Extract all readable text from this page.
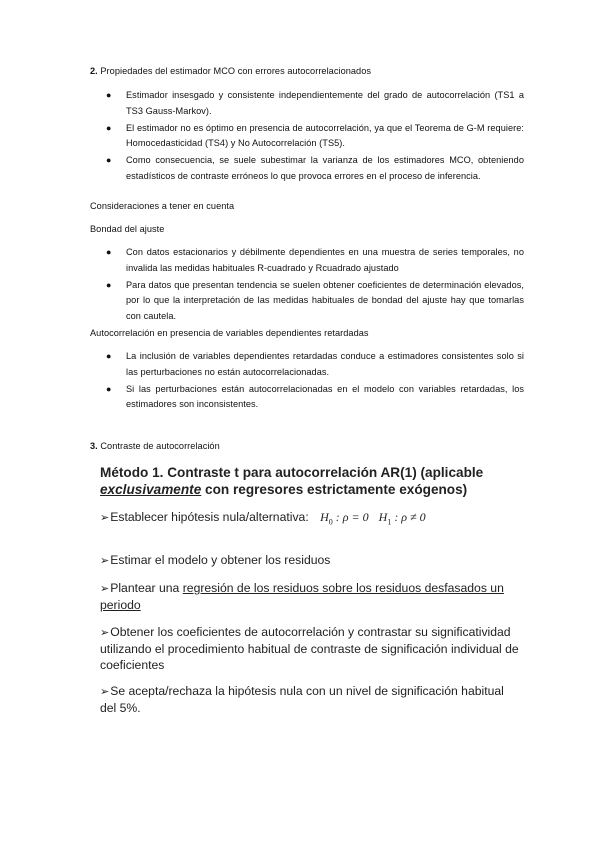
2. Propiedades del estimador MCO con errores autocorrelacionados

● Estimador insesgado y consistente independientemente del grado de autocorrelación (TS1 a TS3 Gauss-Markov).
● El estimador no es óptimo en presencia de autocorrelación, ya que el Teorema de G-M requiere: Homocedasticidad (TS4) y No Autocorrelación (TS5).
● Como consecuencia, se suele subestimar la varianza de los estimadores MCO, obteniendo estadísticos de contraste erróneos lo que provoca errores en el proceso de inferencia.

Consideraciones a tener en cuenta

Bondad del ajuste

● Con datos estacionarios y débilmente dependientes en una muestra de series temporales, no invalida las medidas habituales R-cuadrado y Rcuadrado ajustado
● Para datos que presentan tendencia se suelen obtener coeficientes de determinación elevados, por lo que la interpretación de las medidas habituales de bondad del ajuste hay que tomarlas con cautela.

Autocorrelación en presencia de variables dependientes retardadas

● La inclusión de variables dependientes retardadas conduce a estimadores consistentes solo si las perturbaciones no están autocorrelacionadas.
● Si las perturbaciones están autocorrelacionadas en el modelo con variables retardadas, los estimadores son inconsistentes.

3. Contraste de autocorrelación

Método 1. Contraste t para autocorrelación AR(1) (aplicable exclusivamente con regresores estrictamente exógenos)

➢Establecer hipótesis nula/alternativa: $H_0$ : ρ = 0 $H_1$ : ρ ≠ 0
➢Estimar el modelo y obtener los residuos
➢Plantear una regresión de los residuos sobre los residuos desfasados un periodo
➢Obtener los coeficientes de autocorrelación y contrastar su significatividad utilizando el procedimiento habitual de contraste de significación individual de coeficientes
➢Se acepta/rechaza la hipótesis nula con un nivel de significación habitual del 5%.
